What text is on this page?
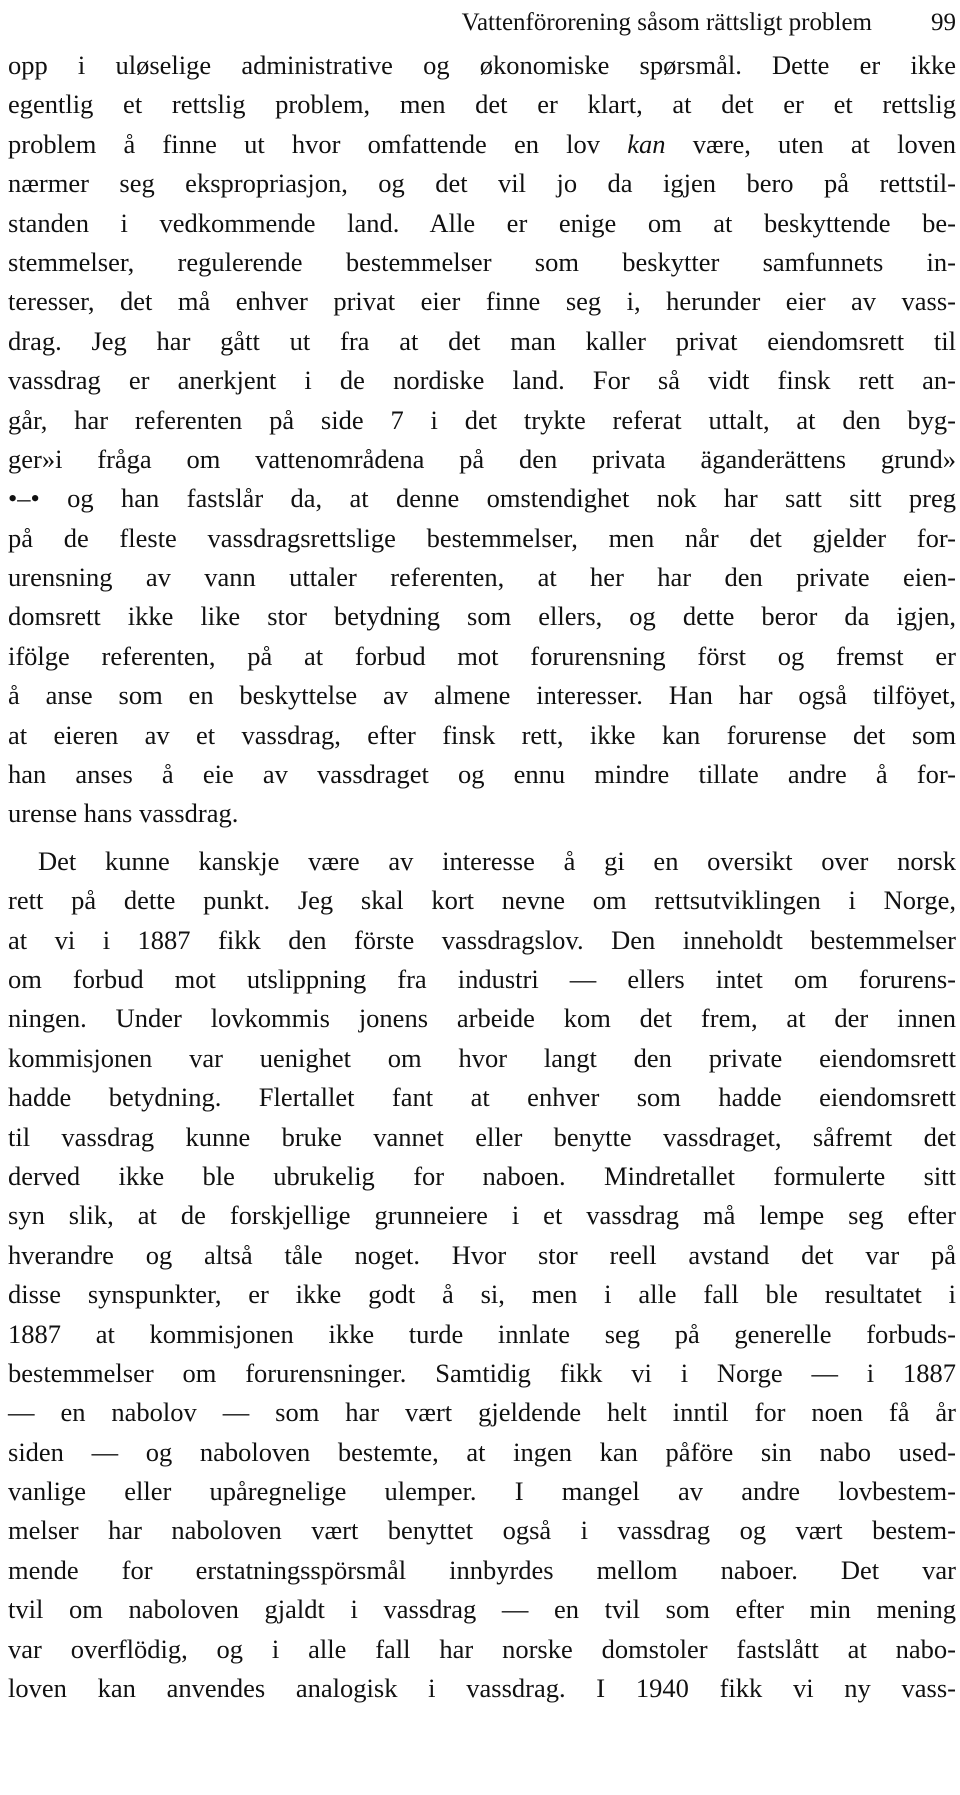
Vattenförorening såsom rättsligt problem 99
opp i uløselige administrative og økonomiske spørsmål. Dette er ikke
egentlig et rettslig problem, men det er klart, at det er et rettslig
problem å finne ut hvor omfattende en lov kan være, uten at loven
nærmer seg ekspropriasjon, og det vil jo da igjen bero på rettstil-
standen i vedkommende land. Alle er enige om at beskyttende be-
stemmelser, regulerende bestemmelser som beskytter samfunnets in-
teresser, det må enhver privat eier finne seg i, herunder eier av vass-
drag. Jeg har gått ut fra at det man kaller privat eiendomsrett til
vassdrag er anerkjent i de nordiske land. For så vidt finsk rett an-
går, har referenten på side 7 i det trykte referat uttalt, at den byg-
ger»i fråga om vattenområdena på den privata äganderättens grund»
•–• og han fastslår da, at denne omstendighet nok har satt sitt preg
på de fleste vassdragsrettslige bestemmelser, men når det gjelder for-
urensning av vann uttaler referenten, at her har den private eien-
domsrett ikke like stor betydning som ellers, og dette beror da igjen,
ifölge referenten, på at forbud mot forurensning först og fremst er
å anse som en beskyttelse av almene interesser. Han har også tilföyet,
at eieren av et vassdrag, efter finsk rett, ikke kan forurense det som
han anses å eie av vassdraget og ennu mindre tillate andre å for-
urense hans vassdrag.
Det kunne kanskje være av interesse å gi en oversikt over norsk
rett på dette punkt. Jeg skal kort nevne om rettsutviklingen i Norge,
at vi i 1887 fikk den förste vassdragslov. Den inneholdt bestemmelser
om forbud mot utslippning fra industri — ellers intet om forurens-
ningen. Under lovkommis jonens arbeide kom det frem, at der innen
kommisjonen var uenighet om hvor langt den private eiendomsrett
hadde betydning. Flertallet fant at enhver som hadde eiendomsrett
til vassdrag kunne bruke vannet eller benytte vassdraget, såfremt det
derved ikke ble ubrukelig for naboen. Mindretallet formulerte sitt
syn slik, at de forskjellige grunneiere i et vassdrag må lempe seg efter
hverandre og altså tåle noget. Hvor stor reell avstand det var på
disse synspunkter, er ikke godt å si, men i alle fall ble resultatet i
1887 at kommisjonen ikke turde innlate seg på generelle forbuds-
bestemmelser om forurensninger. Samtidig fikk vi i Norge — i 1887
— en nabolov — som har vært gjeldende helt inntil for noen få år
siden — og naboloven bestemte, at ingen kan påföre sin nabo used-
vanlige eller upåregnelige ulemper. I mangel av andre lovbestem-
melser har naboloven vært benyttet også i vassdrag og vært bestem-
mende for erstatningsspörsmål innbyrdes mellom naboer. Det var
tvil om naboloven gjaldt i vassdrag — en tvil som efter min mening
var overflödig, og i alle fall har norske domstoler fastslått at nabo-
loven kan anvendes analogisk i vassdrag. I 1940 fikk vi ny vass-
